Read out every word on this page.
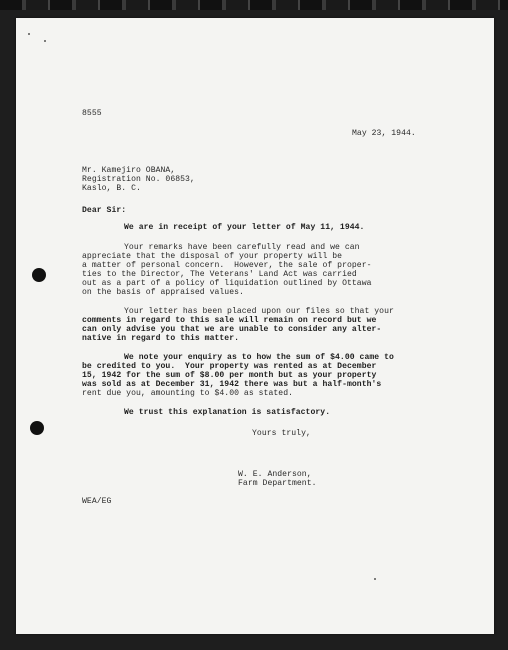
8555
May 23, 1944.
Mr. Kamejiro OBANA,
Registration No. 06853,
Kaslo, B. C.
Dear Sir:
We are in receipt of your letter of May 11, 1944.
Your remarks have been carefully read and we can
appreciate that the disposal of your property will be
a matter of personal concern.  However, the sale of proper-
ties to the Director, The Veterans' Land Act was carried
out as a part of a policy of liquidation outlined by Ottawa
on the basis of appraised values.
Your letter has been placed upon our files so that your
comments in regard to this sale will remain on record but we
can only advise you that we are unable to consider any alter-
native in regard to this matter.
We note your enquiry as to how the sum of $4.00 came to
be credited to you.  Your property was rented as at December
15, 1942 for the sum of $8.00 per month but as your property
was sold as at December 31, 1942 there was but a half-month's
rent due you, amounting to $4.00 as stated.
We trust this explanation is satisfactory.
Yours truly,
W. E. Anderson,
Farm Department.
WEA/EG
